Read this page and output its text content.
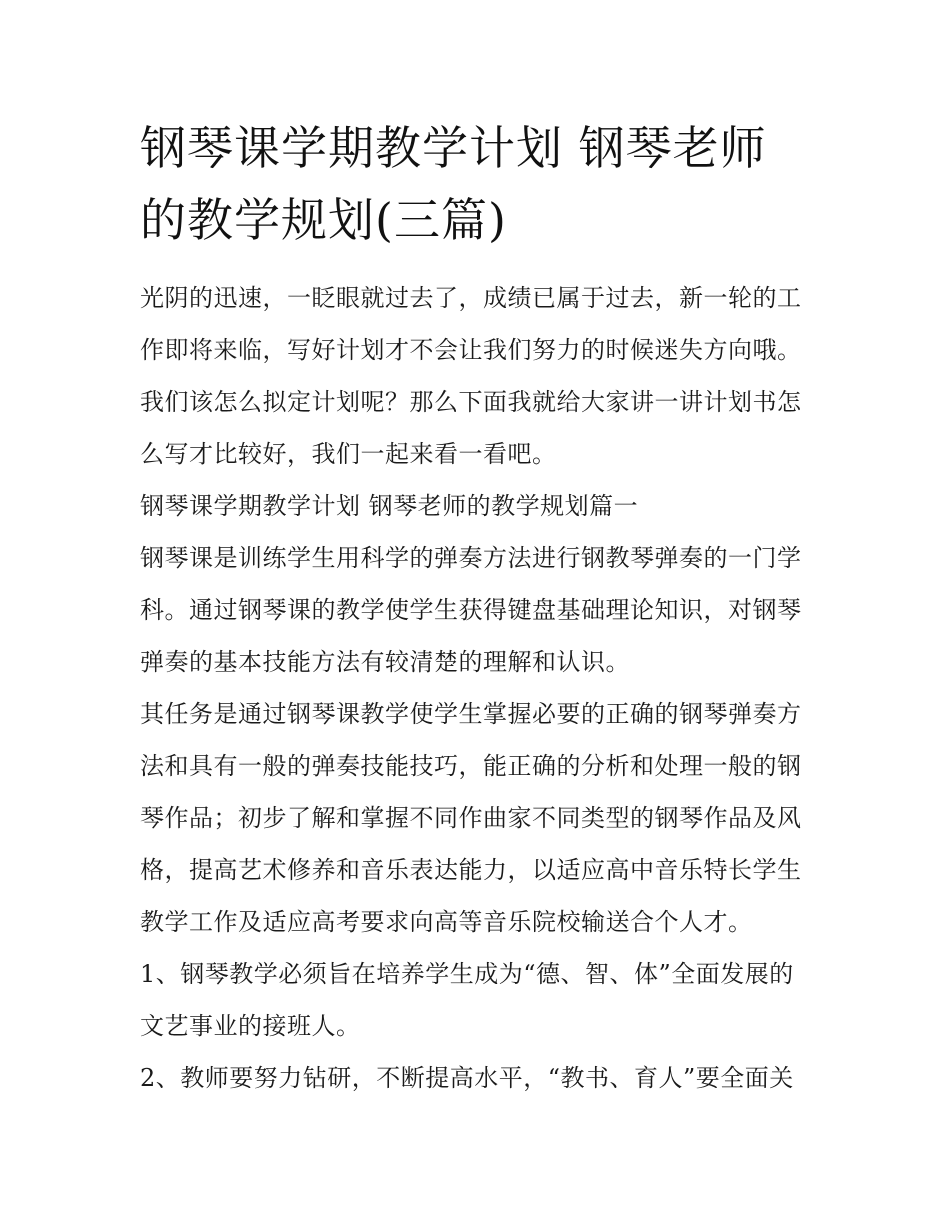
钢琴课学期教学计划 钢琴老师
的教学规划(三篇)

光阴的迅速，一眨眼就过去了，成绩已属于过去，新一轮的工
作即将来临，写好计划才不会让我们努力的时候迷失方向哦。
我们该怎么拟定计划呢？那么下面我就给大家讲一讲计划书怎
么写才比较好，我们一起来看一看吧。

钢琴课学期教学计划 钢琴老师的教学规划篇一

钢琴课是训练学生用科学的弹奏方法进行钢教琴弹奏的一门学
科。通过钢琴课的教学使学生获得键盘基础理论知识，对钢琴
弹奏的基本技能方法有较清楚的理解和认识。

其任务是通过钢琴课教学使学生掌握必要的正确的钢琴弹奏方
法和具有一般的弹奏技能技巧，能正确的分析和处理一般的钢
琴作品；初步了解和掌握不同作曲家不同类型的钢琴作品及风
格，提高艺术修养和音乐表达能力，以适应高中音乐特长学生
教学工作及适应高考要求向高等音乐院校输送合个人才。

1、钢琴教学必须旨在培养学生成为“德、智、体”全面发展的
文艺事业的接班人。

2、教师要努力钻研，不断提高水平，“教书、育人”要全面关
